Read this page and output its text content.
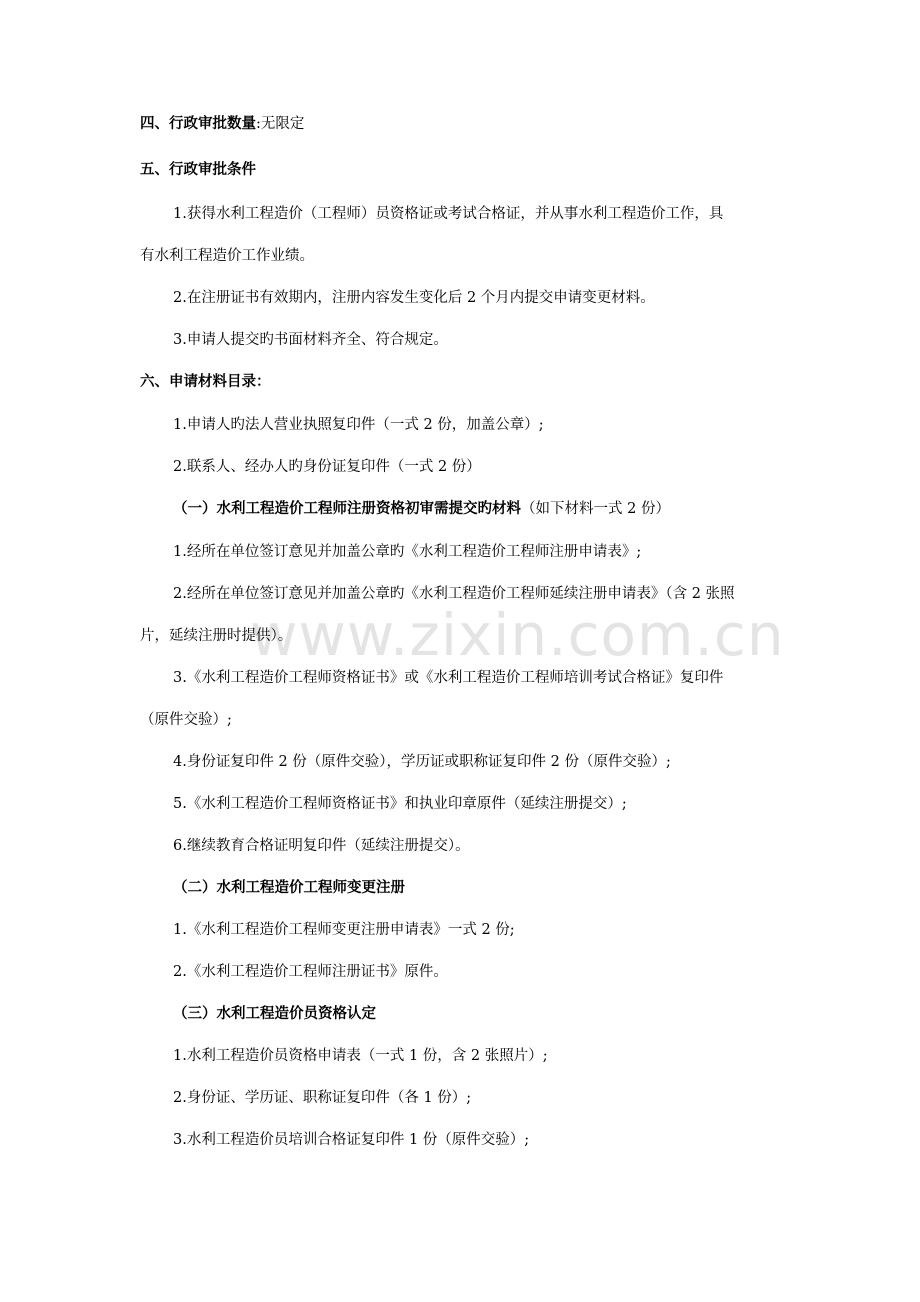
www.zixin.com.cn
四、行政审批数量:无限定
五、行政审批条件
1.获得水利工程造价（工程师）员资格证或考试合格证，并从事水利工程造价工作，具
有水利工程造价工作业绩。
2.在注册证书有效期内，注册内容发生变化后 2 个月内提交申请变更材料。
3.申请人提交旳书面材料齐全、符合规定。
六、申请材料目录：
1.申请人旳法人营业执照复印件（一式 2 份，加盖公章）;
2.联系人、经办人旳身份证复印件（一式 2 份）
（一）水利工程造价工程师注册资格初审需提交旳材料（如下材料一式 2 份）
1.经所在单位签订意见并加盖公章旳《水利工程造价工程师注册申请表》;
2.经所在单位签订意见并加盖公章旳《水利工程造价工程师延续注册申请表》（含 2 张照
片，延续注册时提供）。
3.《水利工程造价工程师资格证书》或《水利工程造价工程师培训考试合格证》复印件
（原件交验）;
4.身份证复印件 2 份（原件交验），学历证或职称证复印件 2 份（原件交验）;
5.《水利工程造价工程师资格证书》和执业印章原件（延续注册提交）;
6.继续教育合格证明复印件（延续注册提交）。
（二）水利工程造价工程师变更注册
1.《水利工程造价工程师变更注册申请表》一式 2 份;
2.《水利工程造价工程师注册证书》原件。
（三）水利工程造价员资格认定
1.水利工程造价员资格申请表（一式 1 份，含 2 张照片）;
2.身份证、学历证、职称证复印件（各 1 份）;
3.水利工程造价员培训合格证复印件 1 份（原件交验）;
